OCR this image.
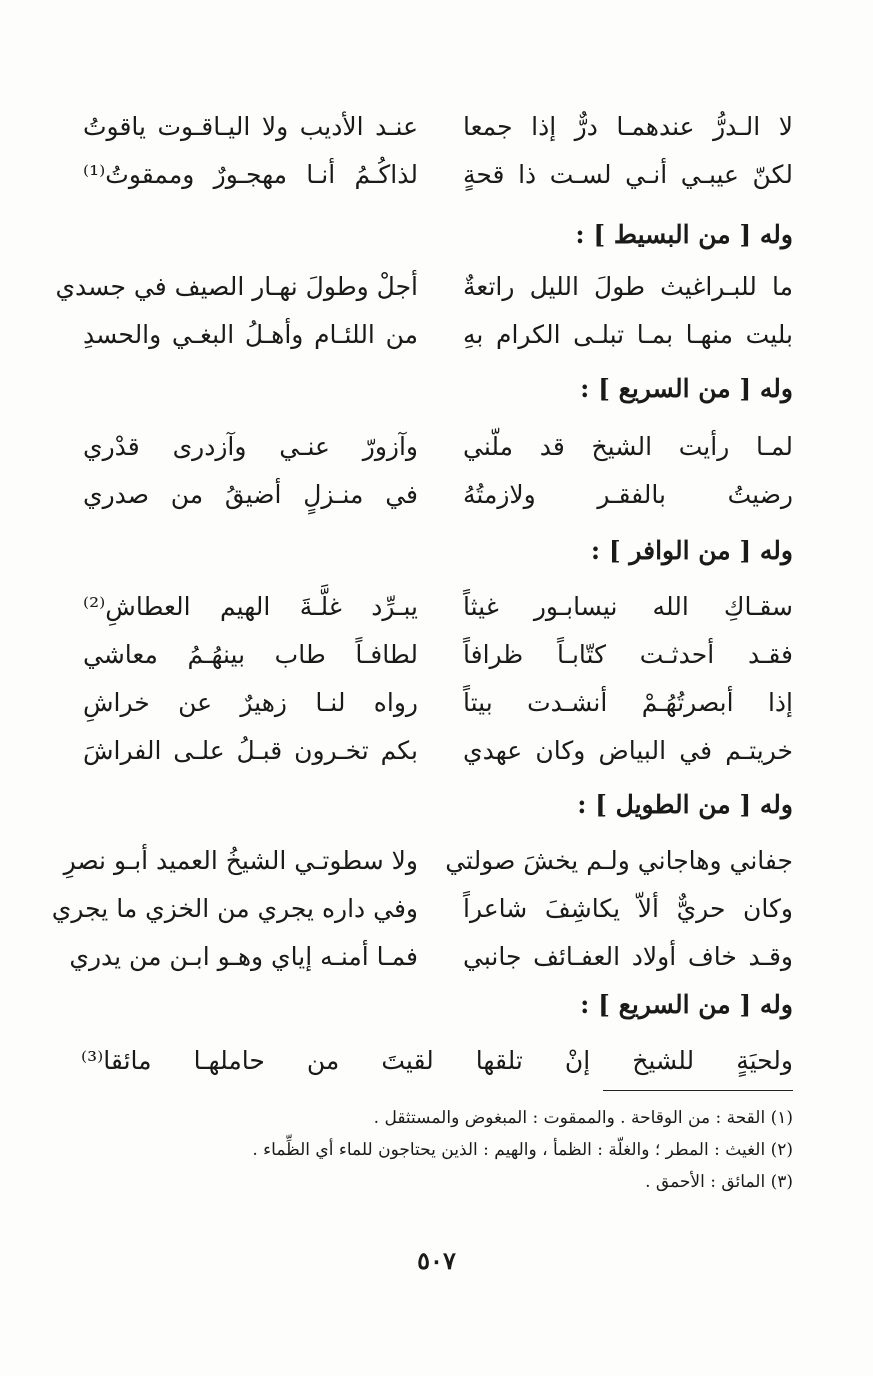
لا الـدرُّ عندهمـا درٌّ إذا جمعا
عنـد الأديب ولا اليـاقـوت ياقوتُ
لكنّ عيبـي أنـي لسـت ذا قحةٍ
لذاكُـمُ أنـا مهجـورٌ وممقوتُ⁽¹⁾
وله [ من البسيط ] :
ما للبـراغيث طولَ الليل راتعةٌ
أجلْ وطولَ نهـار الصيف في جسدي
بليت منهـا بمـا تبلـى الكرام بهِ
من اللئـام وأهـلُ البغـي والحسدِ
وله [ من السريع ] :
لمـا رأيت الشيخ قد ملّني
وآزورّ عنـي وآزدرى قدْري
رضيتُ بالفقـر ولازمتُهُ
في منـزلٍ أضيقُ من صدري
وله [ من الوافر ] :
سقـاكِ الله نيسابـور غيثاً
يبـرِّد غلَّـةَ الهيم العطاشِ⁽²⁾
فقـد أحدثـت كتّابـاً ظرافاً
لطافـاً طاب بينهُـمُ معاشي
إذا أبصرتُهُـمْ أنشـدت بيتاً
رواه لنـا زهيرٌ عن خراشِ
خريتـم في البياض وكان عهدي
بكم تخـرون قبـلُ علـى الفراشَ
وله [ من الطويل ] :
جفاني وهاجاني ولـم يخشَ صولتي
ولا سطوتـي الشيخُ العميد أبـو نصرِ
وكان حريٌّ ألاّ يكاشِفَ شاعراً
وفي داره يجري من الخزي ما يجري
وقـد خاف أولاد العفـائف جانبي
فمـا أمنـه إياي وهـو ابـن من يدري
وله [ من السريع ] :
ولحيَةٍ للشيخ إنْ تلقها لقيتَ من حاملهـا مائقا⁽³⁾
(١) القحة : من الوقاحة . والممقوت : المبغوض والمستثقل .
(٢) الغيث : المطر ؛ والغلّة : الظمأ ، والهيم : الذين يحتاجون للماء أي الظِّماء .
(٣) المائق : الأحمق .
٥٠٧
